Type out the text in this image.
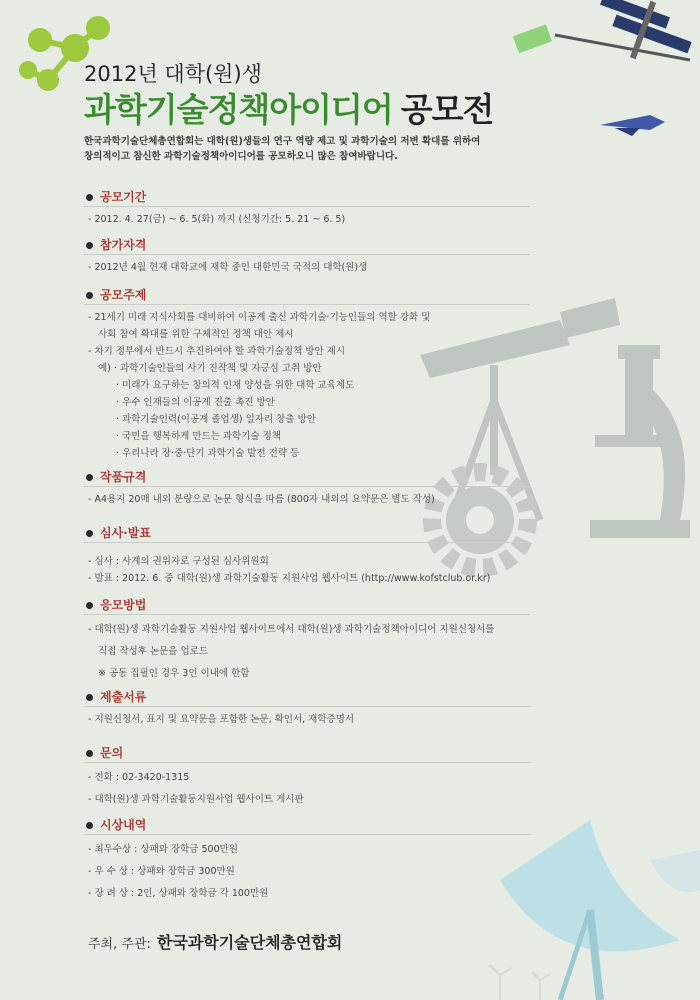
2012년 대학(원)생
과학기술정책아이디어 공모전
한국과학기술단체총연합회는 대학(원)생들의 연구 역량 제고 및 과학기술의 저변 확대를 위하여
창의적이고 참신한 과학기술정책아이디어를 공모하오니 많은 참여바랍니다.
공모기간
- 2012. 4. 27(금) ~ 6. 5(화) 까지 (신청기간: 5. 21 ~ 6. 5)
참가자격
- 2012년 4월 현재 대학교에 재학 중인 대한민국 국적의 대학(원)생
공모주제
- 21세기 미래 지식사회를 대비하여 이공계 출신 과학기술·기능인들의 역할 강화 및
사회 참여 확대를 위한 구체적인 정책 대안 제시
- 차기 정부에서 반드시 추진하여야 할 과학기술정책 방안 제시
예) · 과학기술인들의 사기 진작책 및 자긍심 고취 방안
· 미래가 요구하는 창의적 인재 양성을 위한 대학 교육제도
· 우수 인재들의 이공계 진출 촉진 방안
· 과학기술인력(이공계 졸업생) 일자리 창출 방안
· 국민을 행복하게 만드는 과학기술 정책
· 우리나라 장·중·단기 과학기술 발전 전략 등
작품규격
- A4용지 20매 내외 분량으로 논문 형식을 따름 (800자 내외의 요약문은 별도 작성)
심사·발표
- 심사 : 사계의 권위자로 구성된 심사위원회
- 발표 : 2012. 6. 중 대학(원)생 과학기술활동 지원사업 웹사이트 (http://www.kofstclub.or.kr)
응모방법
- 대학(원)생 과학기술활동 지원사업 웹사이트에서 대학(원)생 과학기술정책아이디어 지원신청서를
직접 작성후 논문을 업로드
※ 공동 집필인 경우 3인 이내에 한함
제출서류
- 지원신청서, 표지 및 요약문을 포함한 논문, 확인서, 재학증명서
문의
- 전화 : 02-3420-1315
- 대학(원)생 과학기술활동지원사업 웹사이트 게시판
시상내역
- 최우수상 : 상패와 장학금 500만원
- 우 수 상 : 상패와 장학금 300만원
- 장 려 상 : 2인, 상패와 장학금 각 100만원
주최, 주관: 한국과학기술단체총연합회
